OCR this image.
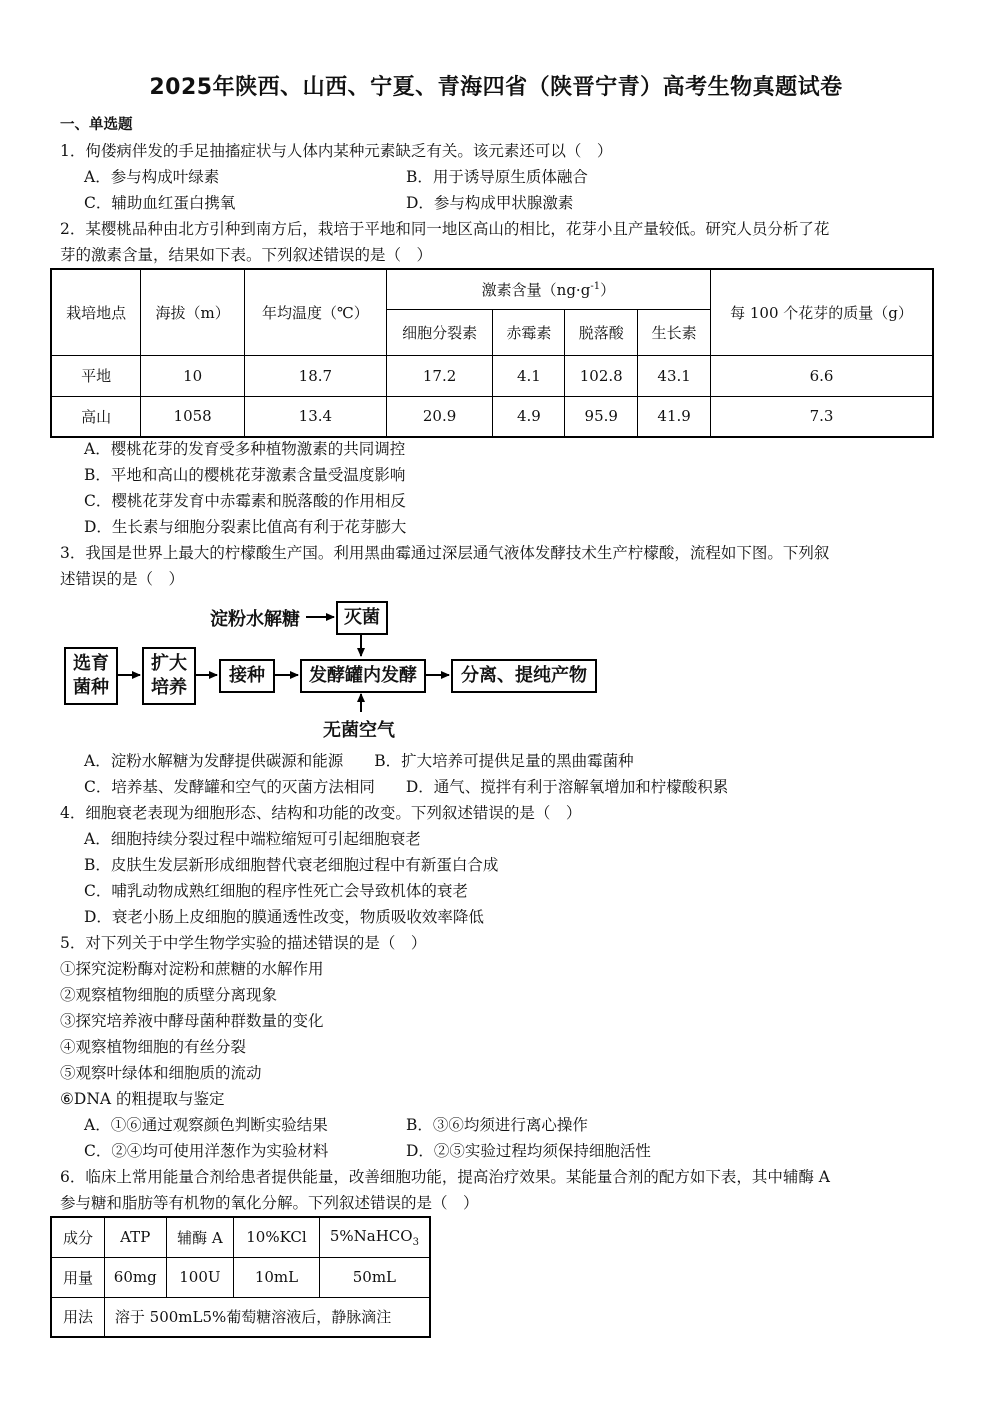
2025年陕西、山西、宁夏、青海四省（陕晋宁青）高考生物真题试卷
一、单选题
1．佝偻病伴发的手足抽搐症状与人体内某种元素缺乏有关。该元素还可以（　）
A．参与构成叶绿素	B．用于诱导原生质体融合
C．辅助血红蛋白携氧	D．参与构成甲状腺激素
2．某樱桃品种由北方引种到南方后，栽培于平地和同一地区高山的相比，花芽小且产量较低。研究人员分析了花
芽的激素含量，结果如下表。下列叙述错误的是（　）
栽培地点	海拔（m）	年均温度（℃）	激素含量$(ng\cdot g^{-1})$				每 100 个花芽的质量（g）
			细胞分裂素	赤霉素	脱落酸	生长素	
平地	10	18.7	17.2	4.1	102.8	43.1	6.6
高山	1058	13.4	20.9	4.9	95.9	41.9	7.3
A．樱桃花芽的发育受多种植物激素的共同调控
B．平地和高山的樱桃花芽激素含量受温度影响
C．樱桃花芽发育中赤霉素和脱落酸的作用相反
D．生长素与细胞分裂素比值高有利于花芽膨大
3．我国是世界上最大的柠檬酸生产国。利用黑曲霉通过深层通气液体发酵技术生产柠檬酸，流程如下图。下列叙
述错误的是（　）
淀粉水解糖	灭菌
选育
菌种
扩大
培养
接种	发酵罐内发酵	分离、提纯产物
无菌空气
A．淀粉水解糖为发酵提供碳源和能源　　B．扩大培养可提供足量的黑曲霉菌种
C．培养基、发酵罐和空气的灭菌方法相同　　D．通气、搅拌有利于溶解氧增加和柠檬酸积累
4．细胞衰老表现为细胞形态、结构和功能的改变。下列叙述错误的是（　）
A．细胞持续分裂过程中端粒缩短可引起细胞衰老
B．皮肤生发层新形成细胞替代衰老细胞过程中有新蛋白合成
C．哺乳动物成熟红细胞的程序性死亡会导致机体的衰老
D．衰老小肠上皮细胞的膜通透性改变，物质吸收效率降低
5．对下列关于中学生物学实验的描述错误的是（　）
①探究淀粉酶对淀粉和蔗糖的水解作用
②观察植物细胞的质壁分离现象
③探究培养液中酵母菌种群数量的变化
④观察植物细胞的有丝分裂
⑤观察叶绿体和细胞质的流动
⑥DNA 的粗提取与鉴定
A．①⑥通过观察颜色判断实验结果	B．③⑥均须进行离心操作
C．②④均可使用洋葱作为实验材料	D．②⑤实验过程均须保持细胞活性
6．临床上常用能量合剂给患者提供能量，改善细胞功能，提高治疗效果。某能量合剂的配方如下表，其中辅酶 A
参与糖和脂肪等有机物的氧化分解。下列叙述错误的是（　）
成分	ATP	辅酶 A	10%KCl	5%NaHCO$_3$
用量	60mg	100U	10mL	50mL
用法	溶于 500mL5%葡萄糖溶液后，静脉滴注			
